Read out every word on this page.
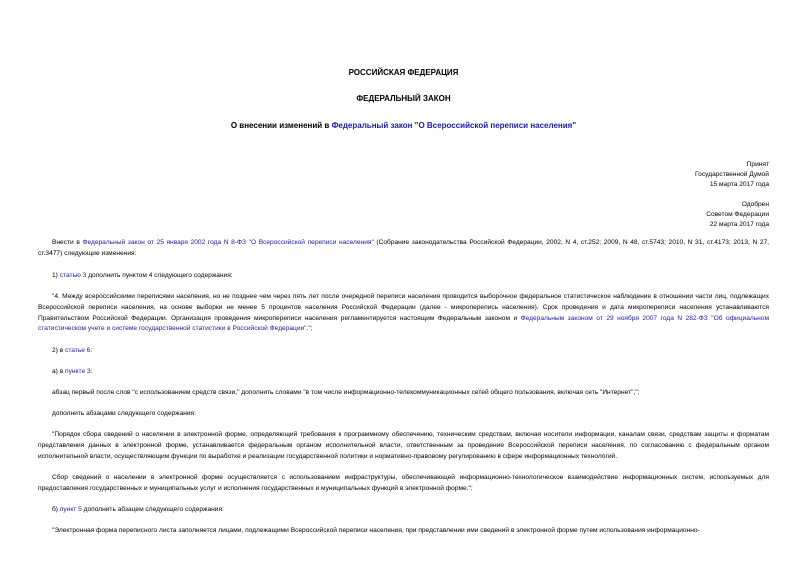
РОССИЙСКАЯ ФЕДЕРАЦИЯ
ФЕДЕРАЛЬНЫЙ ЗАКОН
О внесении изменений в Федеральный закон "О Всероссийской переписи населения"
Принят
Государственной Думой
15 марта 2017 года
Одобрен
Советом Федерации
22 марта 2017 года
Внести в Федеральный закон от 25 января 2002 года N 8-ФЗ "О Всероссийской переписи населения" (Собрание законодательства Российской Федерации, 2002, N 4, ст.252; 2009, N 48, ст.5743; 2010, N 31, ст.4173; 2013, N 27, ст.3477) следующие изменения:
1) статью 3 дополнить пунктом 4 следующего содержания:
"4. Между всероссийскими переписями населения, но не позднее чем через пять лет после очередной переписи населения проводится выборочное федеральное статистическое наблюдение в отношении части лиц, подлежащих Всероссийской переписи населения, на основе выборки не менее 5 процентов населения Российской Федерации (далее - микроперепись населения). Срок проведения и дата микропереписи населения устанавливаются Правительством Российской Федерации. Организация проведения микропереписи населения регламентируется настоящим Федеральным законом и Федеральным законом от 29 ноября 2007 года N 282-ФЗ "Об официальном статистическом учете и системе государственной статистики в Российской Федерации".";
2) в статье 6:
а) в пункте 3:
абзац первый после слов "с использованием средств связи," дополнить словами "в том числе информационно-телекоммуникационных сетей общего пользования, включая сеть "Интернет",";
дополнить абзацами следующего содержания:
"Порядок сбора сведений о населении в электронной форме, определяющий требования к программному обеспечению, техническим средствам, включая носители информации, каналам связи, средствам защиты и форматам представления данных в электронной форме, устанавливается федеральным органом исполнительной власти, ответственным за проведение Всероссийской переписи населения, по согласованию с федеральным органом исполнительной власти, осуществляющим функции по выработке и реализации государственной политики и нормативно-правовому регулированию в сфере информационных технологий.
Сбор сведений о населении в электронной форме осуществляется с использованием инфраструктуры, обеспечивающей информационно-технологическое взаимодействие информационных систем, используемых для предоставления государственных и муниципальных услуг и исполнения государственных и муниципальных функций в электронной форме.";
б) пункт 5 дополнить абзацем следующего содержания:
"Электронная форма переписного листа заполняется лицами, подлежащими Всероссийской переписи населения, при представлении ими сведений в электронной форме путем использования информационно-
